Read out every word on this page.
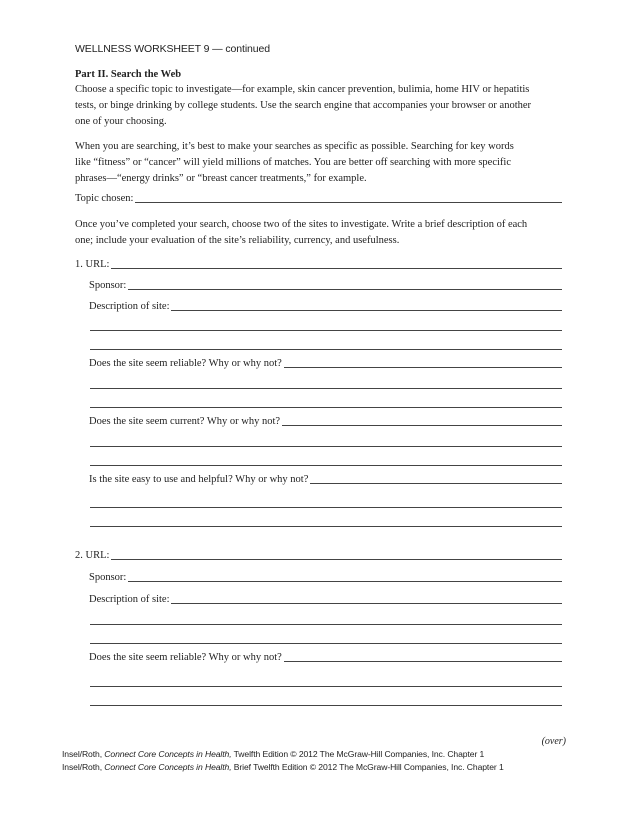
WELLNESS WORKSHEET 9 — continued
Part II. Search the Web
Choose a specific topic to investigate—for example, skin cancer prevention, bulimia, home HIV or hepatitis
tests, or binge drinking by college students. Use the search engine that accompanies your browser or another
one of your choosing.
When you are searching, it’s best to make your searches as specific as possible. Searching for key words
like “fitness” or “cancer” will yield millions of matches. You are better off searching with more specific
phrases—“energy drinks” or “breast cancer treatments,” for example.
Topic chosen:
Once you’ve completed your search, choose two of the sites to investigate. Write a brief description of each
one; include your evaluation of the site’s reliability, currency, and usefulness.
1. URL:
Sponsor:
Description of site:
Does the site seem reliable? Why or why not?
Does the site seem current? Why or why not?
Is the site easy to use and helpful? Why or why not?
2. URL:
Sponsor:
Description of site:
Does the site seem reliable? Why or why not?
(over)
Insel/Roth, Connect Core Concepts in Health, Twelfth Edition © 2012 The McGraw-Hill Companies, Inc. Chapter 1
Insel/Roth, Connect Core Concepts in Health, Brief Twelfth Edition © 2012 The McGraw-Hill Companies, Inc. Chapter 1
